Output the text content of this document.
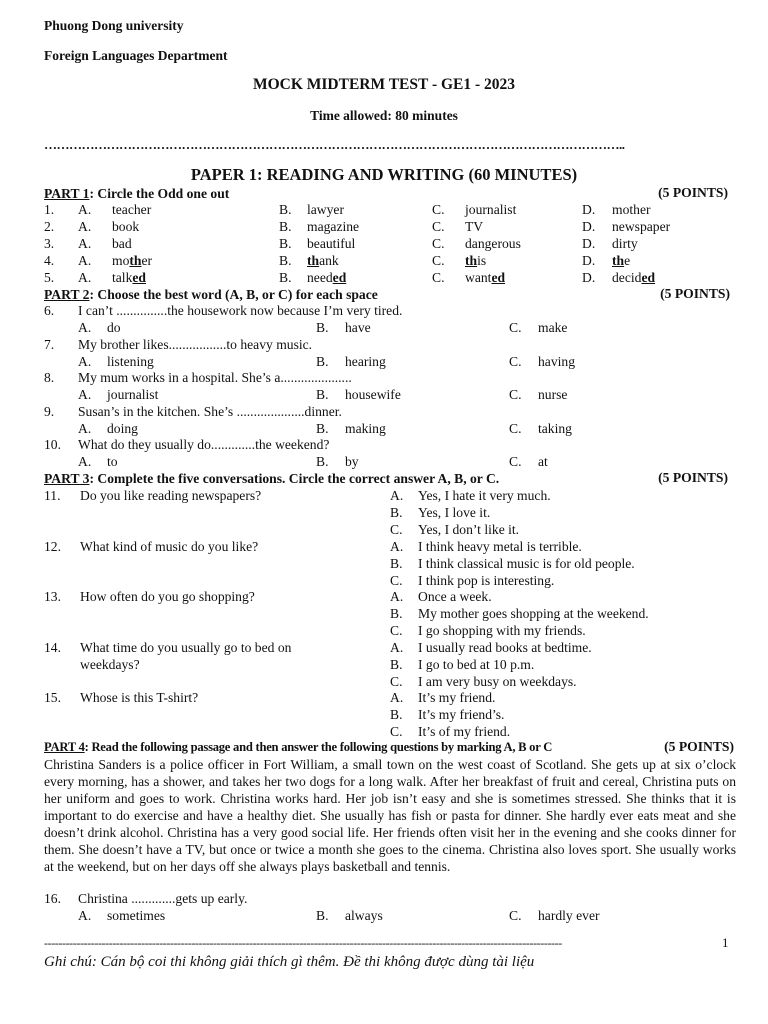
Phuong Dong university
Foreign Languages Department
MOCK MIDTERM TEST - GE1 - 2023
Time allowed: 80 minutes
…………………………………………………………………………………………………………………………..
PAPER 1: READING AND WRITING (60 MINUTES)
PART 1: Circle the Odd one out	(5 POINTS)
1. A. teacher	B. lawyer	C. journalist	D. mother
2. A. book	B. magazine	C. TV	D. newspaper
3. A. bad	B. beautiful	C. dangerous	D. dirty
4. A. mother	B. thank	C. this	D. the
5. A. talked	B. needed	C. wanted	D. decided
PART 2: Choose the best word (A, B, or C) for each space	(5 POINTS)
6. I can’t ...............the housework now because I’m very tired.
A. do	B. have	C. make
7. My brother likes.................to heavy music.
A. listening	B. hearing	C. having
8. My mum works in a hospital. She’s a.....................
A. journalist	B. housewife	C. nurse
9. Susan’s in the kitchen. She’s ....................dinner.
A. doing	B. making	C. taking
10. What do they usually do.............the weekend?
A. to	B. by	C. at
PART 3: Complete the five conversations. Circle the correct answer A, B, or C.	(5 POINTS)
11. Do you like reading newspapers?	A. Yes, I hate it very much.
B. Yes, I love it.
C. Yes, I don’t like it.
12. What kind of music do you like?	A. I think heavy metal is terrible.
B. I think classical music is for old people.
C. I think pop is interesting.
13. How often do you go shopping?	A. Once a week.
B. My mother goes shopping at the weekend.
C. I go shopping with my friends.
14. What time do you usually go to bed on
weekdays?
A. I usually read books at bedtime.
B. I go to bed at 10 p.m.
C. I am very busy on weekdays.
15. Whose is this T-shirt?	A. It’s my friend.
B. It’s my friend’s.
C. It’s of my friend.
PART 4: Read the following passage and then answer the following questions by marking A, B or C	(5 POINTS)
Christina Sanders is a police officer in Fort William, a small town on the west coast of Scotland. She gets up at six o’clock every morning, has a shower, and takes her two dogs for a long walk. After her breakfast of fruit and cereal, Christina puts on her uniform and goes to work. Christina works hard. Her job isn’t easy and she is sometimes stressed. She thinks that it is important to do exercise and have a healthy diet. She usually has fish or pasta for dinner. She hardly ever eats meat and she doesn’t drink alcohol. Christina has a very good social life. Her friends often visit her in the evening and she cooks dinner for them. She doesn’t have a TV, but once or twice a month she goes to the cinema. Christina also loves sport. She usually works at the weekend, but on her days off she always plays basketball and tennis.
16. Christina .............gets up early.
A. sometimes	B. always	C. hardly ever
------------------------------------------------------------------------------------------------------------------------------------------------	1
Ghi chú: Cán bộ coi thi không giải thích gì thêm. Đề thi không được dùng tài liệu
